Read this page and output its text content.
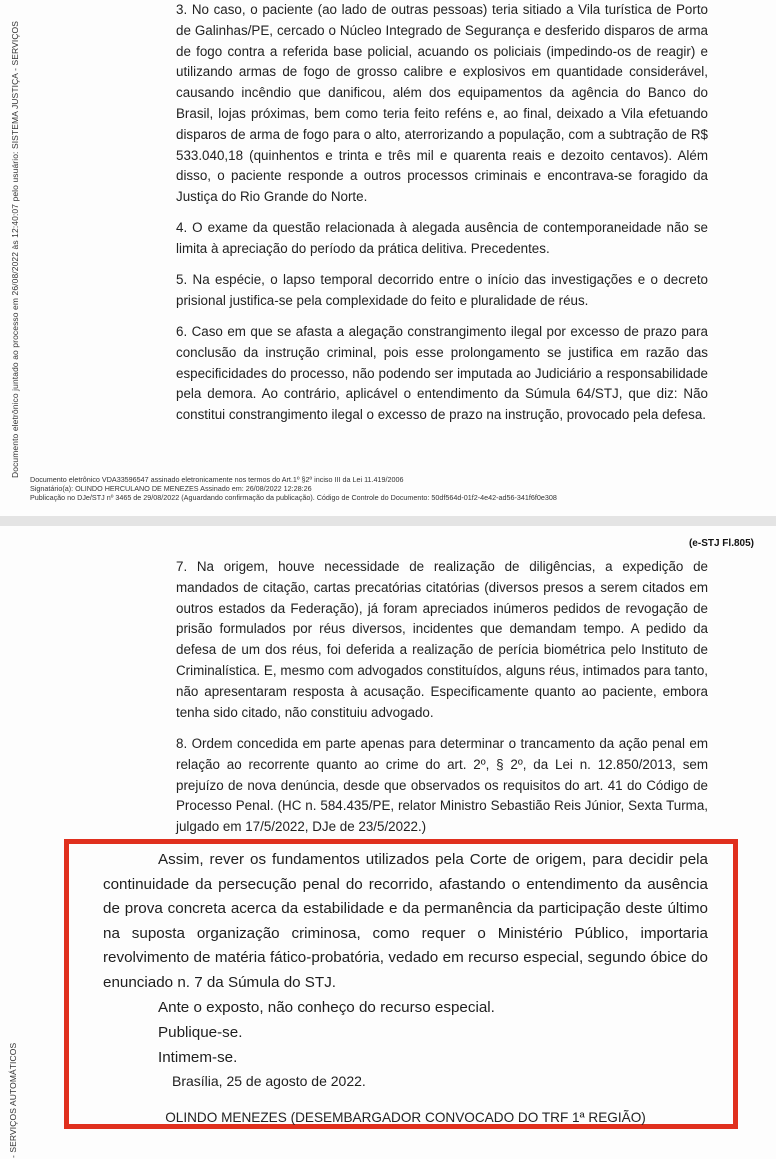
Documento eletrônico juntado ao processo em 26/08/2022 às 12:40:07 pelo usuário: SISTEMA JUSTIÇA - SERVIÇOS

3. No caso, o paciente (ao lado de outras pessoas) teria sitiado a Vila turística de Porto de Galinhas/PE, cercado o Núcleo Integrado de Segurança e desferido disparos de arma de fogo contra a referida base policial, acuando os policiais (impedindo-os de reagir) e utilizando armas de fogo de grosso calibre e explosivos em quantidade considerável, causando incêndio que danificou, além dos equipamentos da agência do Banco do Brasil, lojas próximas, bem como teria feito reféns e, ao final, deixado a Vila efetuando disparos de arma de fogo para o alto, aterrorizando a população, com a subtração de R$ 533.040,18 (quinhentos e trinta e três mil e quarenta reais e dezoito centavos). Além disso, o paciente responde a outros processos criminais e encontrava-se foragido da Justiça do Rio Grande do Norte.

4. O exame da questão relacionada à alegada ausência de contemporaneidade não se limita à apreciação do período da prática delitiva. Precedentes.

5. Na espécie, o lapso temporal decorrido entre o início das investigações e o decreto prisional justifica-se pela complexidade do feito e pluralidade de réus.

6. Caso em que se afasta a alegação constrangimento ilegal por excesso de prazo para conclusão da instrução criminal, pois esse prolongamento se justifica em razão das especificidades do processo, não podendo ser imputada ao Judiciário a responsabilidade pela demora. Ao contrário, aplicável o entendimento da Súmula 64/STJ, que diz: Não constitui constrangimento ilegal o excesso de prazo na instrução, provocado pela defesa.

Documento eletrônico VDA33596547 assinado eletronicamente nos termos do Art.1º §2º inciso III da Lei 11.419/2006
Signatário(a): OLINDO HERCULANO DE MENEZES Assinado em: 26/08/2022 12:28:26
Publicação no DJe/STJ nº 3465 de 29/08/2022 (Aguardando confirmação da publicação). Código de Controle do Documento: 50df564d-01f2-4e42-ad56-341f6f0e308
(e-STJ Fl.805)
- SERVIÇOS AUTOMÁTICOS

7. Na origem, houve necessidade de realização de diligências, a expedição de mandados de citação, cartas precatórias citatórias (diversos presos a serem citados em outros estados da Federação), já foram apreciados inúmeros pedidos de revogação de prisão formulados por réus diversos, incidentes que demandam tempo. A pedido da defesa de um dos réus, foi deferida a realização de perícia biométrica pelo Instituto de Criminalística. E, mesmo com advogados constituídos, alguns réus, intimados para tanto, não apresentaram resposta à acusação. Especificamente quanto ao paciente, embora tenha sido citado, não constituiu advogado.

8. Ordem concedida em parte apenas para determinar o trancamento da ação penal em relação ao recorrente quanto ao crime do art. 2º, § 2º, da Lei n. 12.850/2013, sem prejuízo de nova denúncia, desde que observados os requisitos do art. 41 do Código de Processo Penal. (HC n. 584.435/PE, relator Ministro Sebastião Reis Júnior, Sexta Turma, julgado em 17/5/2022, DJe de 23/5/2022.)

Assim, rever os fundamentos utilizados pela Corte de origem, para decidir pela continuidade da persecução penal do recorrido, afastando o entendimento da ausência de prova concreta acerca da estabilidade e da permanência da participação deste último na suposta organização criminosa, como requer o Ministério Público, importaria revolvimento de matéria fático-probatória, vedado em recurso especial, segundo óbice do enunciado n. 7 da Súmula do STJ.

Ante o exposto, não conheço do recurso especial.

Publique-se.

Intimem-se.

Brasília, 25 de agosto de 2022.

OLINDO MENEZES (DESEMBARGADOR CONVOCADO DO TRF 1ª REGIÃO)
